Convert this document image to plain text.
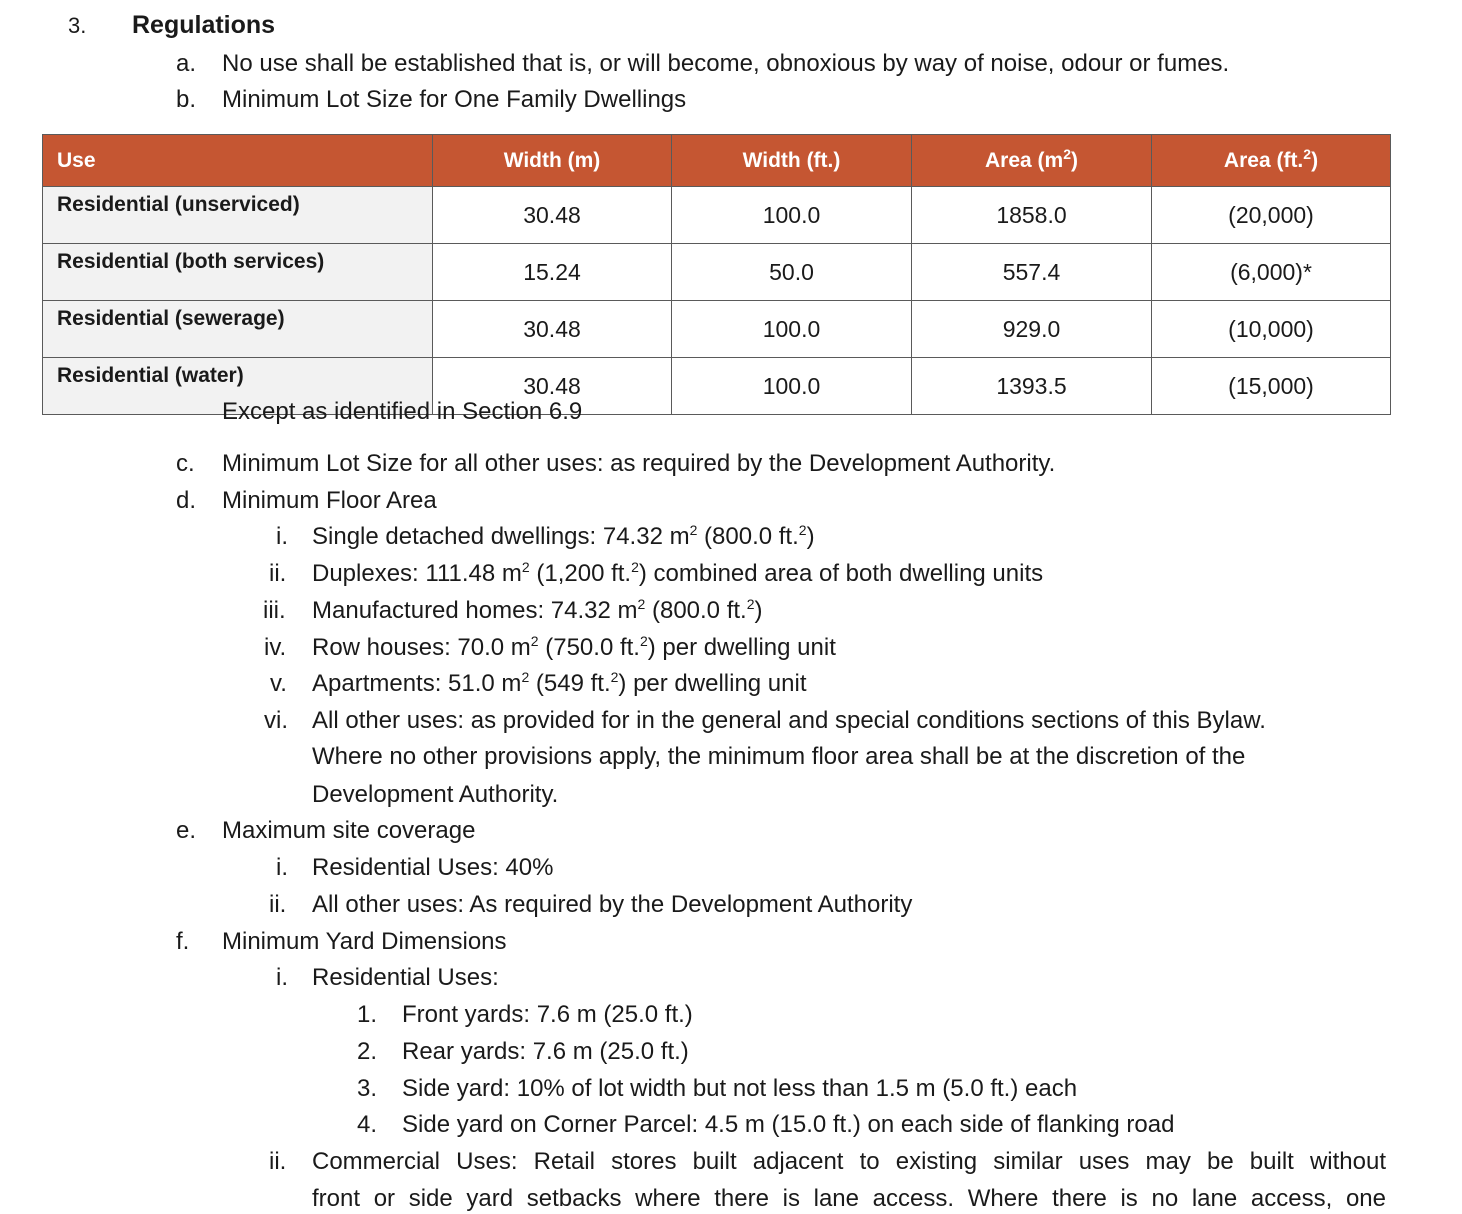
3. Regulations
a. No use shall be established that is, or will become, obnoxious by way of noise, odour or fumes.
b. Minimum Lot Size for One Family Dwellings
Use	Width (m)	Width (ft.)	Area $(m^2)$	Area (ft.$^2$)
Residential (unserviced)	30.48	100.0	1858.0	(20,000)
Residential (both services)	15.24	50.0	557.4	(6,000)*
Residential (sewerage)	30.48	100.0	929.0	(10,000)
Residential (water)	30.48	100.0	1393.5	(15,000)
Except as identified in Section 6.9
c. Minimum Lot Size for all other uses: as required by the Development Authority.
d. Minimum Floor Area
i. Single detached dwellings: 74.32 $m^2$ (800.0 ft.$^2$)
ii. Duplexes: 111.48 $m^2$ (1,200 ft.$^2$) combined area of both dwelling units
iii. Manufactured homes: 74.32 $m^2$ (800.0 ft.$^2$)
iv. Row houses: 70.0 $m^2$ (750.0 ft.$^2$) per dwelling unit
v. Apartments: 51.0 $m^2$ (549 ft.$^2$) per dwelling unit
vi. All other uses: as provided for in the general and special conditions sections of this Bylaw.
Where no other provisions apply, the minimum floor area shall be at the discretion of the
Development Authority.
e. Maximum site coverage
i. Residential Uses: 40%
ii. All other uses: As required by the Development Authority
f. Minimum Yard Dimensions
i. Residential Uses:
1. Front yards: 7.6 m (25.0 ft.)
2. Rear yards: 7.6 m (25.0 ft.)
3. Side yard: 10% of lot width but not less than 1.5 m (5.0 ft.) each
4. Side yard on Corner Parcel: 4.5 m (15.0 ft.) on each side of flanking road
ii. Commercial Uses: Retail stores built adjacent to existing similar uses may be built without
front or side yard setbacks where there is lane access. Where there is no lane access, one
